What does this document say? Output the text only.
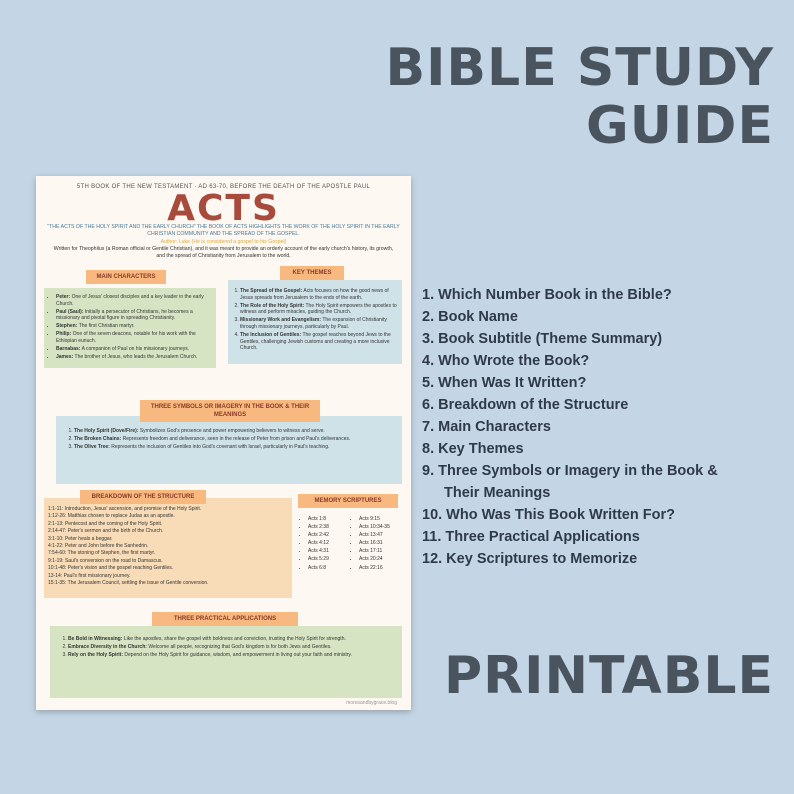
BIBLE STUDY
GUIDE
PRINTABLE
1. Which Number Book in the Bible?
2. Book Name
3. Book Subtitle (Theme Summary)
4. Who Wrote the Book?
5. When Was It Written?
6. Breakdown of the Structure
7. Main Characters
8. Key Themes
9. Three Symbols or Imagery in the Book &
Their Meanings
10. Who Was This Book Written For?
11. Three Practical Applications
12. Key Scriptures to Memorize
5TH BOOK OF THE NEW TESTAMENT · AD 63-70, BEFORE THE DEATH OF THE APOSTLE PAUL
ACTS
"THE ACTS OF THE HOLY SPIRIT AND THE EARLY CHURCH" THE BOOK OF ACTS HIGHLIGHTS THE WORK OF THE HOLY SPIRIT IN THE EARLY CHRISTIAN COMMUNITY AND THE SPREAD OF THE GOSPEL.
Author: Luke (He is considered a gospel to his Gospel)
Written for Theophilus (a Roman official or Gentile Christian), and it was meant to provide an orderly account of the early church's history, its growth, and the spread of Christianity from Jerusalem to the world.
• Peter: One of Jesus' closest disciples and a key leader in the early Church.
• Paul (Saul): Initially a persecutor of Christians, he becomes a missionary and pivotal figure in spreading Christianity.
• Stephen: The first Christian martyr.
• Philip: One of the seven deacons, notable for his work with the Ethiopian eunuch.
• Barnabas: A companion of Paul on his missionary journeys.
• James: The brother of Jesus, who leads the Jerusalem Church.
MAIN CHARACTERS
1. The Spread of the Gospel: Acts focuses on how the good news of Jesus spreads from Jerusalem to the ends of the earth.
2. The Role of the Holy Spirit: The Holy Spirit empowers the apostles to witness and perform miracles, guiding the Church.
3. Missionary Work and Evangelism: The expansion of Christianity through missionary journeys, particularly by Paul.
4. The Inclusion of Gentiles: The gospel reaches beyond Jews to the Gentiles, challenging Jewish customs and creating a more inclusive Church.
KEY THEMES
1. The Holy Spirit (Dove/Fire): Symbolizes God's presence and power empowering believers to witness and serve.
2. The Broken Chains: Represents freedom and deliverance, seen in the release of Peter from prison and Paul's deliverances.
3. The Olive Tree: Represents the inclusion of Gentiles into God's covenant with Israel, particularly in Paul's teaching.
THREE SYMBOLS OR IMAGERY IN THE BOOK & THEIR MEANINGS
1:1-11: Introduction, Jesus' ascension, and promise of the Holy Spirit.
1:12-26: Matthias chosen to replace Judas as an apostle.
2:1-13: Pentecost and the coming of the Holy Spirit.
2:14-47: Peter's sermon and the birth of the Church.
3:1-10: Peter heals a beggar.
4:1-22: Peter and John before the Sanhedrin.
7:54-60: The stoning of Stephen, the first martyr.
9:1-19: Saul's conversion on the road to Damascus.
10:1-48: Peter's vision and the gospel reaching Gentiles.
13-14: Paul's first missionary journey.
15:1-35: The Jerusalem Council, settling the issue of Gentile conversion.
BREAKDOWN OF THE STRUCTURE
• Acts 1:8
• Acts 2:38
• Acts 2:42
• Acts 4:12
• Acts 4:31
• Acts 5:29
• Acts 6:8
• Acts 9:15
• Acts 10:34-35
• Acts 13:47
• Acts 16:31
• Acts 17:11
• Acts 20:24
• Acts 22:16
MEMORY SCRIPTURES
1. Be Bold in Witnessing: Like the apostles, share the gospel with boldness and conviction, trusting the Holy Spirit for strength.
2. Embrace Diversity in the Church: Welcome all people, recognizing that God's kingdom is for both Jews and Gentiles.
3. Rely on the Holy Spirit: Depend on the Holy Spirit for guidance, wisdom, and empowerment in living out your faith and ministry.
THREE PRACTICAL APPLICATIONS
moresandbygrace.blog
